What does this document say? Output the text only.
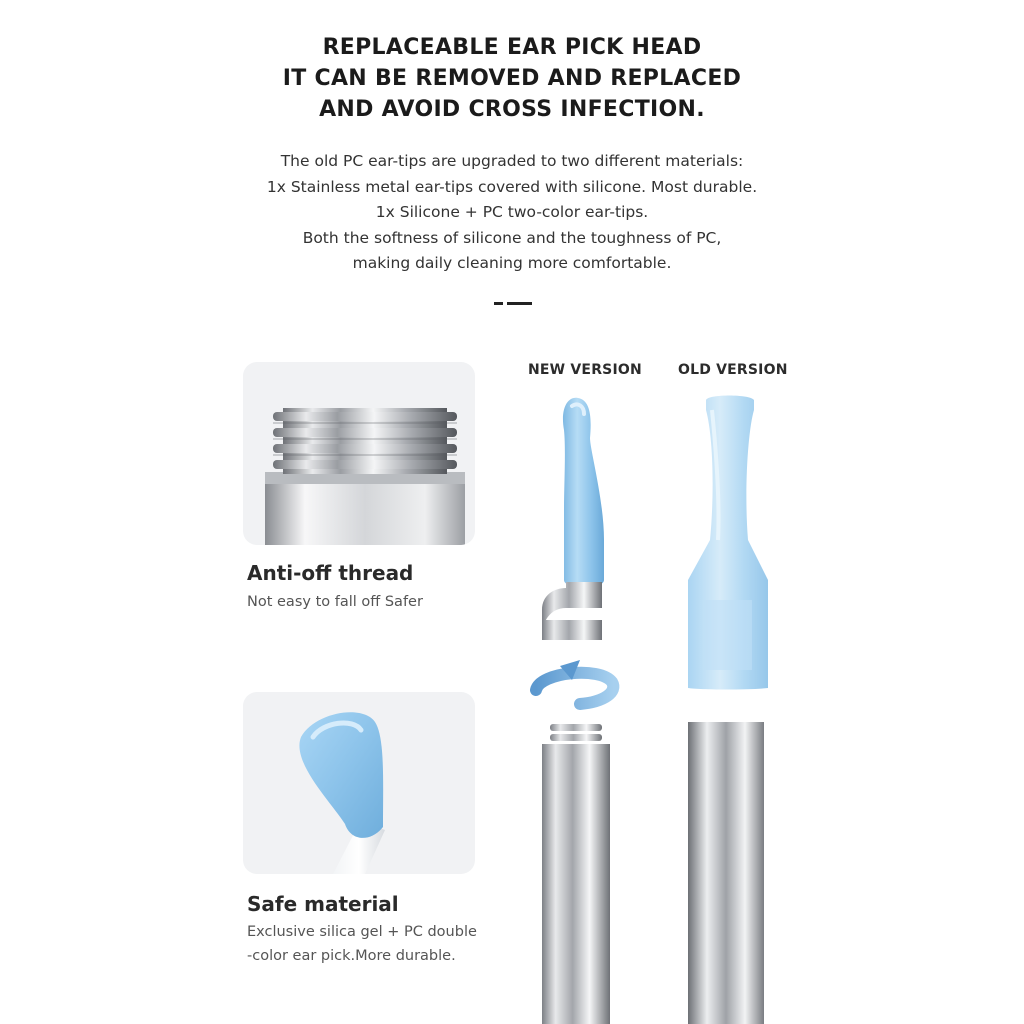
REPLACEABLE EAR PICK HEAD
IT CAN BE REMOVED AND REPLACED
AND AVOID CROSS INFECTION.
The old PC ear-tips are upgraded to two different materials:
1x Stainless metal ear-tips covered with silicone. Most durable.
1x Silicone + PC two-color ear-tips.
Both the softness of silicone and the toughness of PC,
making daily cleaning more comfortable.
Anti-off thread
Not easy to fall off Safer
Safe material
Exclusive silica gel + PC double
-color ear pick.More durable.
NEW VERSION	OLD VERSION
